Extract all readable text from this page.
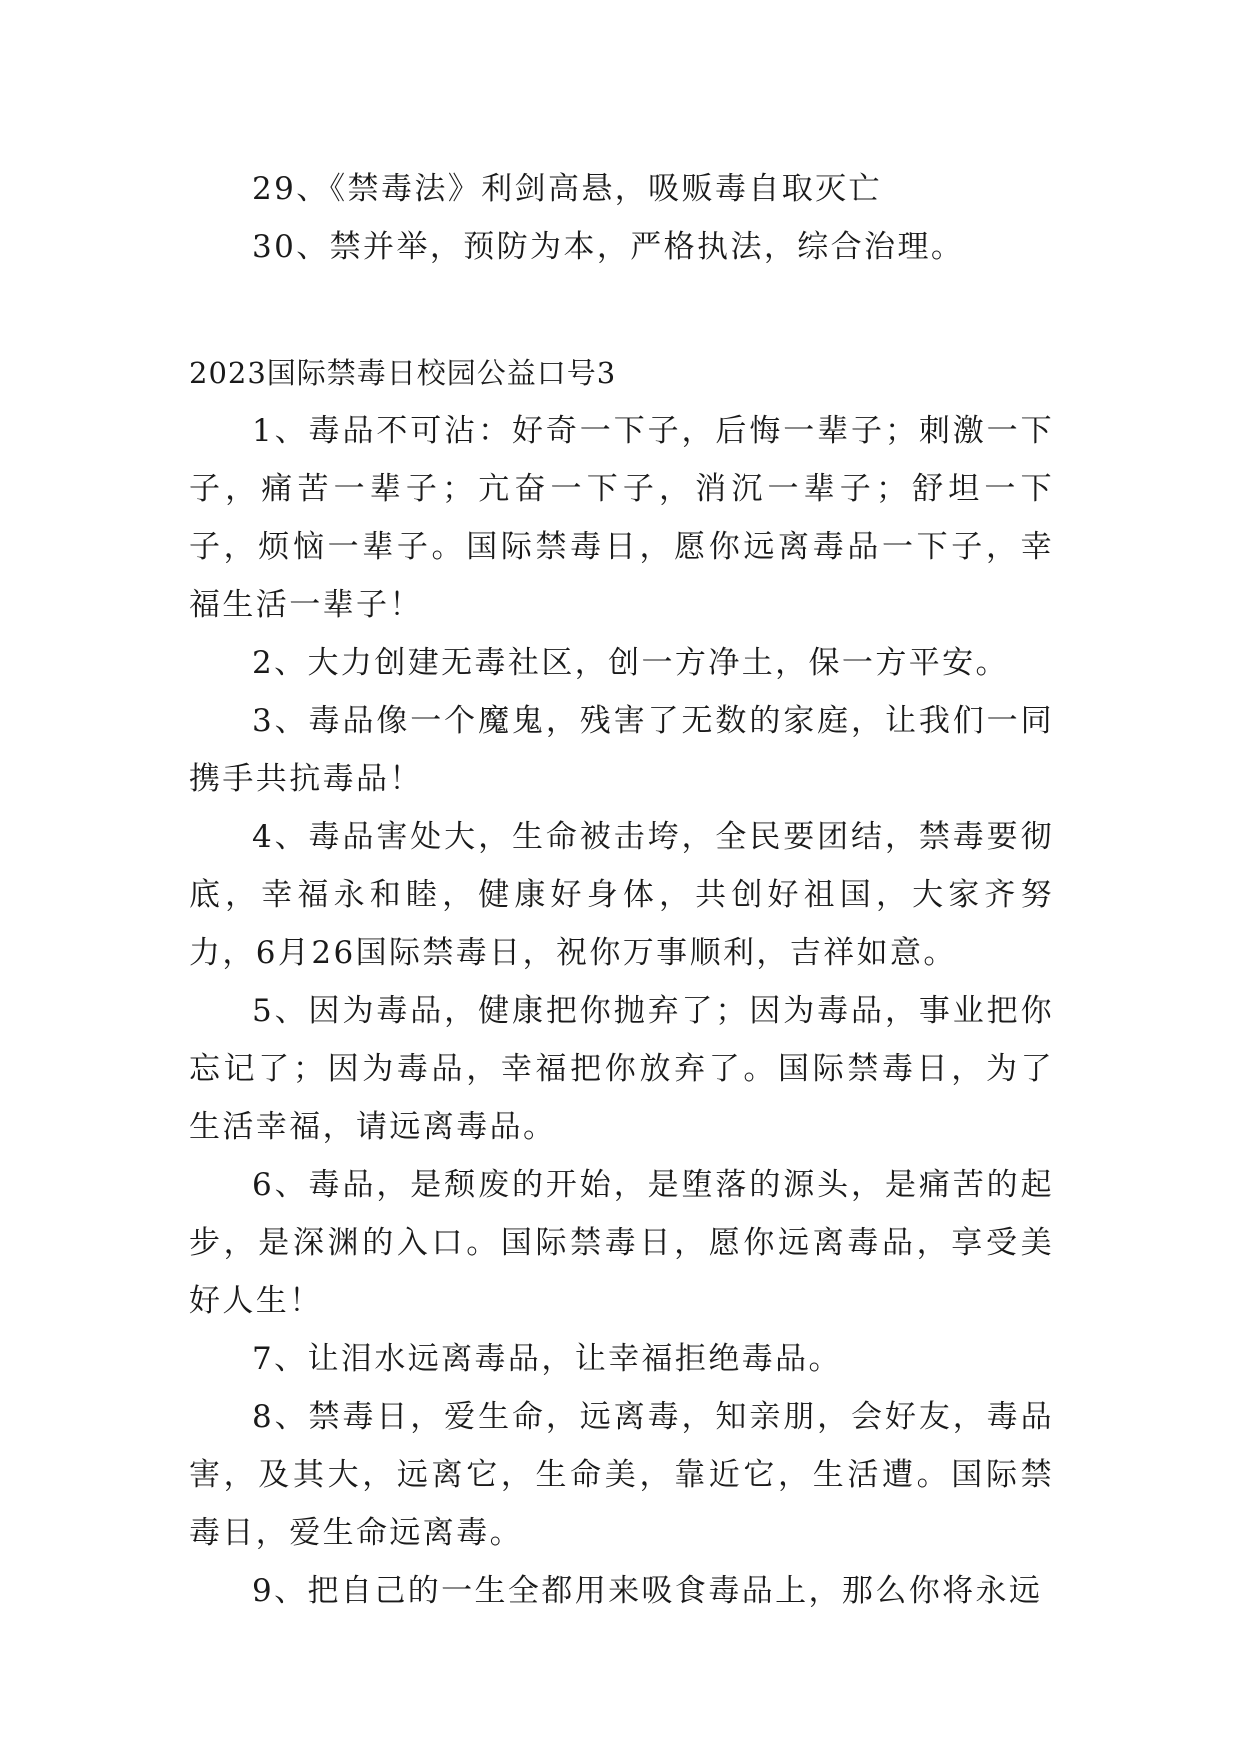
29、《禁毒法》利剑高悬，吸贩毒自取灭亡

30、禁并举，预防为本，严格执法，综合治理。

2023国际禁毒日校园公益口号3

1、毒品不可沾：好奇一下子，后悔一辈子；刺激一下子，痛苦一辈子；亢奋一下子，消沉一辈子；舒坦一下子，烦恼一辈子。国际禁毒日，愿你远离毒品一下子，幸福生活一辈子！

2、大力创建无毒社区，创一方净土，保一方平安。

3、毒品像一个魔鬼，残害了无数的家庭，让我们一同携手共抗毒品！

4、毒品害处大，生命被击垮，全民要团结，禁毒要彻底，幸福永和睦，健康好身体，共创好祖国，大家齐努力，6月26国际禁毒日，祝你万事顺利，吉祥如意。

5、因为毒品，健康把你抛弃了；因为毒品，事业把你忘记了；因为毒品，幸福把你放弃了。国际禁毒日，为了生活幸福，请远离毒品。

6、毒品，是颓废的开始，是堕落的源头，是痛苦的起步，是深渊的入口。国际禁毒日，愿你远离毒品，享受美好人生！

7、让泪水远离毒品，让幸福拒绝毒品。

8、禁毒日，爱生命，远离毒，知亲朋，会好友，毒品害，及其大，远离它，生命美，靠近它，生活遭。国际禁毒日，爱生命远离毒。

9、把自己的一生全都用来吸食毒品上，那么你将永远
